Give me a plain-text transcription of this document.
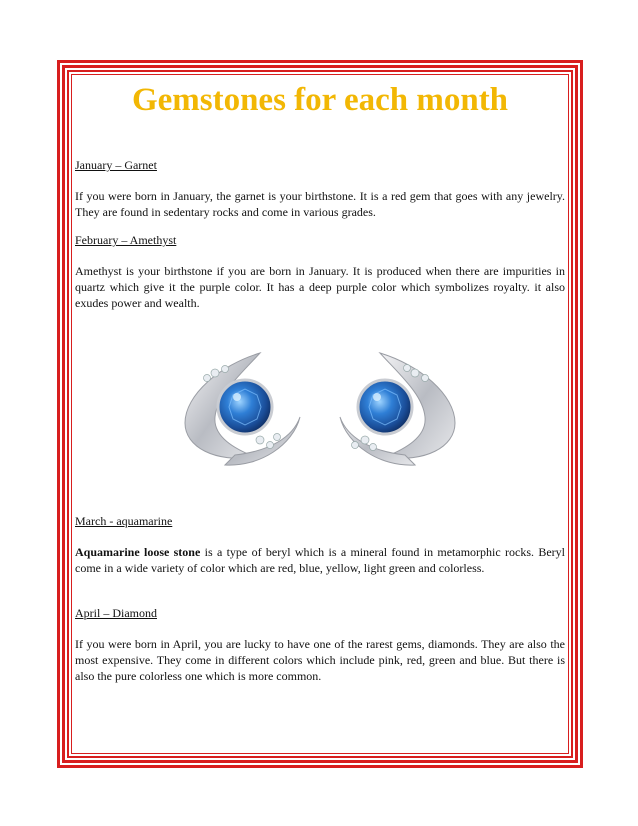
Gemstones for each month

January – Garnet

If you were born in January, the garnet is your birthstone. It is a red gem that goes with any jewelry. They are found in sedentary rocks and come in various grades.

February – Amethyst

Amethyst is your birthstone if you are born in January. It is produced when there are impurities in quartz which give it the purple color. It has a deep purple color which symbolizes royalty. it also exudes power and wealth.

March - aquamarine

Aquamarine loose stone is a type of beryl which is a mineral found in metamorphic rocks. Beryl come in a wide variety of color which are red, blue, yellow, light green and colorless.

April – Diamond

If you were born in April, you are lucky to have one of the rarest gems, diamonds. They are also the most expensive. They come in different colors which include pink, red, green and blue. But there is also the pure colorless one which is more common.
